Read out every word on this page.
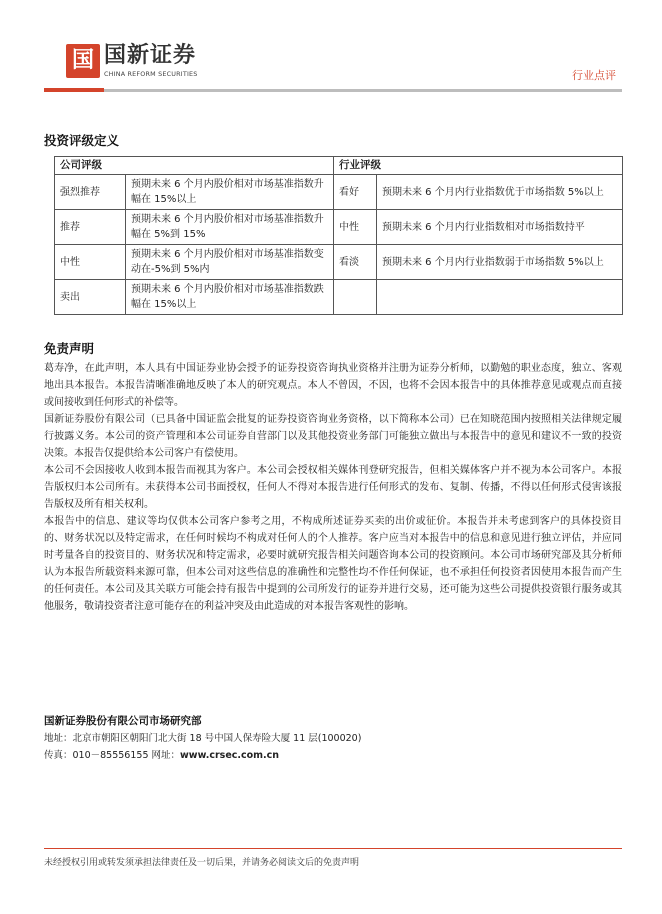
国 国新证券
CHINA REFORM SECURITIES	行业点评
投资评级定义
公司评级		行业评级	
强烈推荐	预期未来 6 个月内股价相对市场基准指数升幅在 15%以上	看好	预期未来 6 个月内行业指数优于市场指数 5%以上
推荐	预期未来 6 个月内股价相对市场基准指数升幅在 5%到 15%	中性	预期未来 6 个月内行业指数相对市场指数持平
中性	预期未来 6 个月内股价相对市场基准指数变动在-5%到 5%内	看淡	预期未来 6 个月内行业指数弱于市场指数 5%以上
卖出	预期未来 6 个月内股价相对市场基准指数跌幅在 15%以上		
免责声明

葛寿净，在此声明，本人具有中国证券业协会授予的证券投资咨询执业资格并注册为证券分析师，以勤勉的职业态度，独立、客观地出具本报告。本报告清晰准确地反映了本人的研究观点。本人不曾因，不因，也将不会因本报告中的具体推荐意见或观点而直接或间接收到任何形式的补偿等。

国新证券股份有限公司（已具备中国证监会批复的证券投资咨询业务资格，以下简称本公司）已在知晓范围内按照相关法律规定履行披露义务。本公司的资产管理和本公司证券自营部门以及其他投资业务部门可能独立做出与本报告中的意见和建议不一致的投资决策。本报告仅提供给本公司客户有偿使用。

本公司不会因接收人收到本报告而视其为客户。本公司会授权相关媒体刊登研究报告，但相关媒体客户并不视为本公司客户。本报告版权归本公司所有。未获得本公司书面授权，任何人不得对本报告进行任何形式的发布、复制、传播，不得以任何形式侵害该报告版权及所有相关权利。

本报告中的信息、建议等均仅供本公司客户参考之用，不构成所述证券买卖的出价或征价。本报告并未考虑到客户的具体投资目的、财务状况以及特定需求，在任何时候均不构成对任何人的个人推荐。客户应当对本报告中的信息和意见进行独立评估，并应同时考量各自的投资目的、财务状况和特定需求，必要时就研究报告相关问题咨询本公司的投资顾问。本公司市场研究部及其分析师认为本报告所载资料来源可靠，但本公司对这些信息的准确性和完整性均不作任何保证，也不承担任何投资者因使用本报告而产生的任何责任。本公司及其关联方可能会持有报告中提到的公司所发行的证券并进行交易，还可能为这些公司提供投资银行服务或其他服务，敬请投资者注意可能存在的利益冲突及由此造成的对本报告客观性的影响。

国新证券股份有限公司市场研究部
地址：北京市朝阳区朝阳门北大街 18 号中国人保寿险大厦 11 层(100020)
传真：010－85556155 网址：www.crsec.com.cn
未经授权引用或转发须承担法律责任及一切后果，并请务必阅读文后的免责声明
